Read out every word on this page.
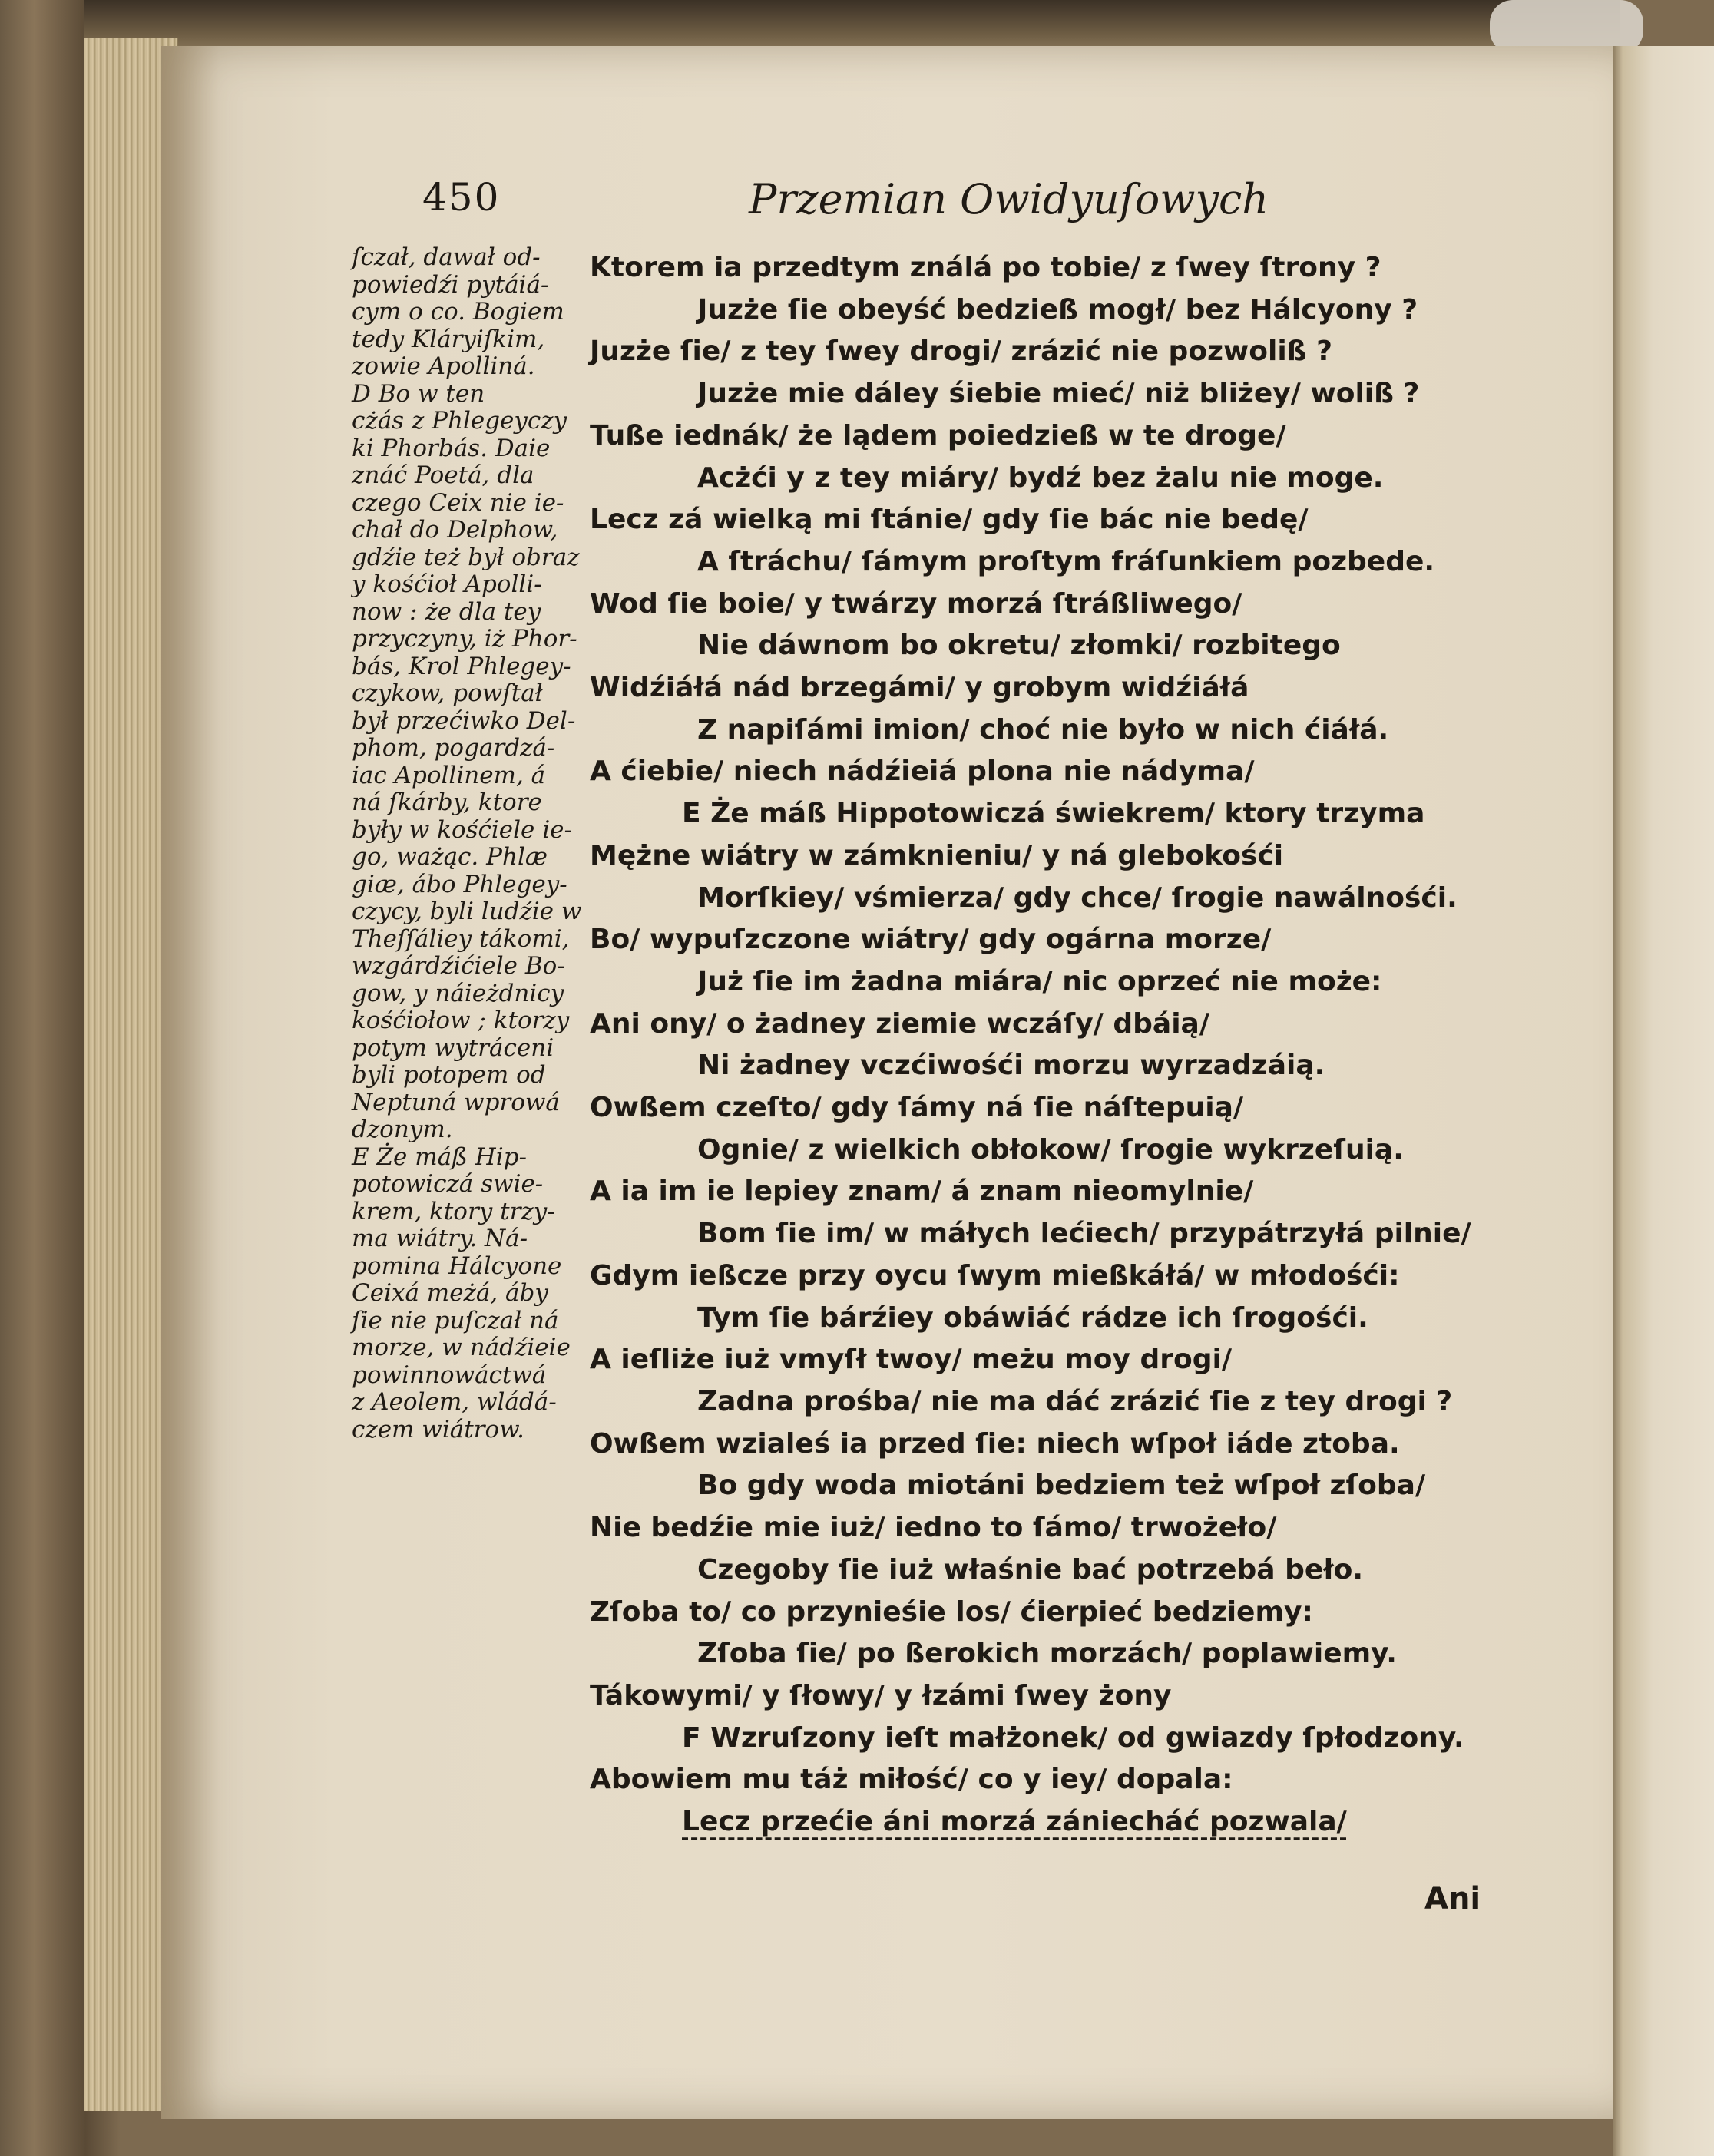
450	Przemian Owidyuſowych
ſczał, dawał od-
powiedźi pytáiá-
cym o co. Bogiem
tedy Kláryiſkim,
zowie Apolliná.
D Bo w ten
cżás z Phlegeyczy
ki Phorbás. Daie
znáć Poetá, dla
czego Ceix nie ie-
chał do Delphow,
gdźie też był obraz
y kośćioł Apolli-
now : że dla tey
przyczyny, iż Phor-
bás, Krol Phlegey-
czykow, powſtał
był przećiwko Del-
phom, pogardzá-
iac Apollinem, á
ná ſkárby, ktore
były w kośćiele ie-
go, ważąc. Phlæ
giæ, ábo Phlegey-
czycy, byli ludźie w
Theſſáliey tákomi,
wzgárdźićiele Bo-
gow, y náieżdnicy
kośćiołow ; ktorzy
potym wytráceni
byli potopem od
Neptuná wprowá
dzonym.
E Że máß Hip-
potowiczá swie-
krem, ktory trzy-
ma wiátry. Ná-
pomina Hálcyone
Ceixá meżá, áby
ſie nie puſczał ná
morze, w nádźieie
powinnowáctwá
z Aeolem, wládá-
czem wiátrow.
Ktorem ia przedtym ználá po tobie/ z ſwey ſtrony ?
Juzże ſie obeyść bedzieß mogł/ bez Hálcyony ?
Juzże ſie/ z tey ſwey drogi/ zrázić nie pozwoliß ?
Juzże mie dáley śiebie mieć/ niż bliżey/ woliß ?
Tuße iednák/ że lądem poiedzieß w te droge/
Acżći y z tey miáry/ bydź bez żalu nie moge.
Lecz zá wielką mi ſtánie/ gdy ſie bác nie bedę/
A ſtráchu/ ſámym proſtym fráſunkiem pozbede.
Wod ſie boie/ y twárzy morzá ſtráßliwego/
Nie dáwnom bo okretu/ złomki/ rozbitego
Widźiáłá nád brzegámi/ y grobym widźiáłá
Z napiſámi imion/ choć nie było w nich ćiáłá.
A ćiebie/ niech nádźieiá plona nie nádyma/
E Że máß Hippotowiczá świekrem/ ktory trzyma
Mężne wiátry w zámknieniu/ y ná glebokośći
Morſkiey/ vśmierza/ gdy chce/ ſrogie nawálnośći.
Bo/ wypuſzczone wiátry/ gdy ogárna morze/
Już ſie im żadna miára/ nic oprzeć nie może:
Ani ony/ o żadney ziemie wczáſy/ dbáią/
Ni żadney vczćiwośći morzu wyrzadzáią.
Owßem czeſto/ gdy ſámy ná ſie náſtepuią/
Ognie/ z wielkich obłokow/ ſrogie wykrzeſuią.
A ia im ie lepiey znam/ á znam nieomylnie/
Bom ſie im/ w máłych lećiech/ przypátrzyłá pilnie/
Gdym ießcze przy oycu ſwym mießkáłá/ w młodośći:
Tym ſie bárźiey obáwiáć rádze ich ſrogośći.
A ieſliże iuż vmyſł twoy/ meżu moy drogi/
Zadna prośba/ nie ma dáć zrázić ſie z tey drogi ?
Owßem wzialeś ia przed ſie: niech wſpoł iáde ztoba.
Bo gdy woda miotáni bedziem też wſpoł zſoba/
Nie bedźie mie iuż/ iedno to ſámo/ trwożeło/
Czegoby ſie iuż właśnie bać potrzebá beło.
Zſoba to/ co przynieśie los/ ćierpieć bedziemy:
Zſoba ſie/ po ßerokich morzách/ poplawiemy.
Tákowymi/ y ſłowy/ y łzámi ſwey żony
F Wzruſzony ieſt małżonek/ od gwiazdy ſpłodzony.
Abowiem mu táż miłość/ co y iey/ dopala:
Lecz przećie áni morzá zániecháć pozwala/
Ani
